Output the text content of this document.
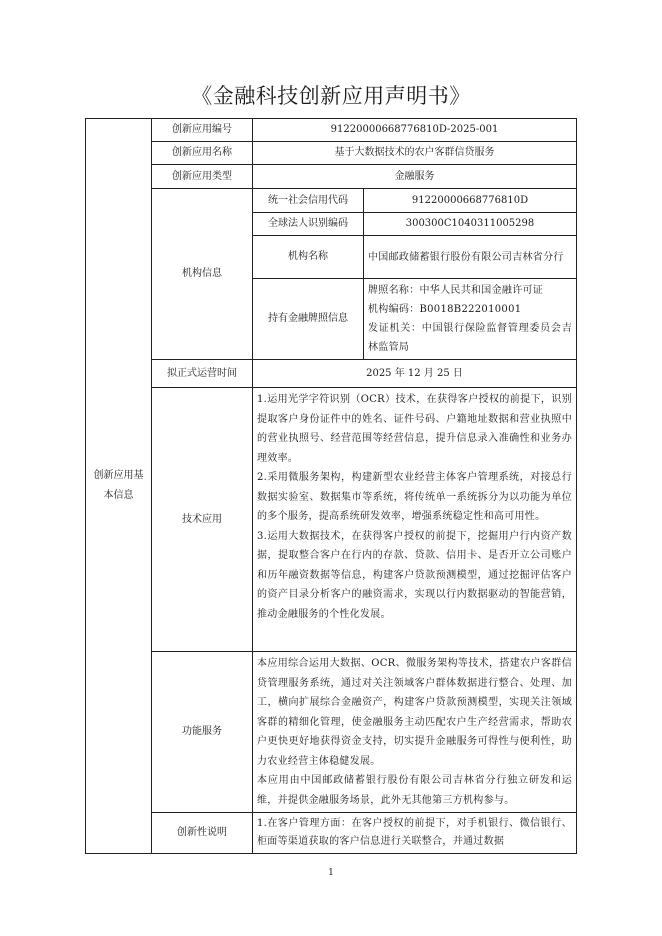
《金融科技创新应用声明书》
创新应用基本信息	创新应用编号	91220000668776810D-2025-001	
	创新应用名称	基于大数据技术的农户客群信贷服务	
	创新应用类型	金融服务	
	机构信息	统一社会信用代码	91220000668776810D
		全球法人识别编码	300300C1040311005298
		机构名称	中国邮政储蓄银行股份有限公司吉林省分行
		持有金融牌照信息	牌照名称：中华人民共和国金融许可证
机构编码：B0018B222010001
发证机关：中国银行保险监督管理委员会吉林监管局

	拟正式运营时间	2025 年 12 月 25 日	
	技术应用	1.运用光学字符识别（OCR）技术，在获得客户授权的前提下，识别提取客户身份证件中的姓名、证件号码、户籍地址数据和营业执照中的营业执照号、经营范围等经营信息，提升信息录入准确性和业务办理效率。
2.采用微服务架构，构建新型农业经营主体客户管理系统，对接总行数据实验室、数据集市等系统，将传统单一系统拆分为以功能为单位的多个服务，提高系统研发效率，增强系统稳定性和高可用性。
3.运用大数据技术，在获得客户授权的前提下，挖掘用户行内资产数据，提取整合客户在行内的存款、贷款、信用卡、是否开立公司账户和历年融资数据等信息，构建客户贷款预测模型，通过挖掘评估客户的资产目录分析客户的融资需求，实现以行内数据驱动的智能营销，推动金融服务的个性化发展。	

	功能服务	本应用综合运用大数据、OCR、微服务架构等技术，搭建农户客群信贷管理服务系统，通过对关注领域客户群体数据进行整合、处理、加工，横向扩展综合金融资产，构建客户贷款预测模型，实现关注领域客群的精细化管理，使金融服务主动匹配农户生产经营需求，帮助农户更快更好地获得资金支持，切实提升金融服务可得性与便利性，助力农业经营主体稳健发展。
本应用由中国邮政储蓄银行股份有限公司吉林省分行独立研发和运维，并提供金融服务场景，此外无其他第三方机构参与。	

	创新性说明	1.在客户管理方面：在客户授权的前提下，对手机银行、微信银行、柜面等渠道获取的客户信息进行关联整合，并通过数据	
1
